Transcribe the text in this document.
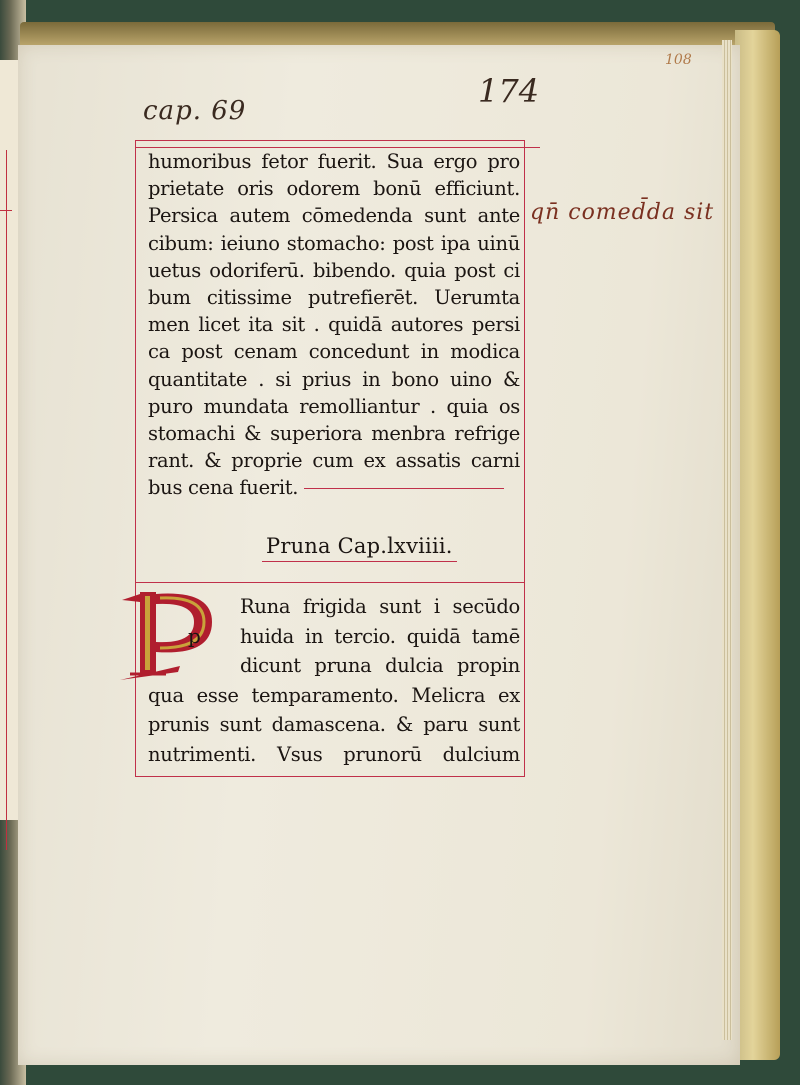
108
cap. 69
174
qn̄ comed̄da sit
humoribus fetor fuerit. Sua ergo pro
prietate oris odorem bonū efficiunt.
Persica autem cōmedenda sunt ante
cibum: ieiuno stomacho: post ipa uinū
uetus odoriferū. bibendo. quia post ci
bum citissime putrefierēt. Uerumta
men licet ita sit . quidā autores persi
ca post cenam concedunt in modica
quantitate . si prius in bono uino &
puro mundata remolliantur . quia os
stomachi & superiora menbra refrige
rant. & proprie cum ex assatis carni
bus cena fuerit.
Pruna Cap.lxviiii.
p
Runa frigida sunt i secūdo
huida in tercio. quidā tamē
dicunt pruna dulcia propin
qua esse temparamento. Melicra ex
prunis sunt damascena. & paru sunt
nutrimenti. Vsus prunorū dulcium
